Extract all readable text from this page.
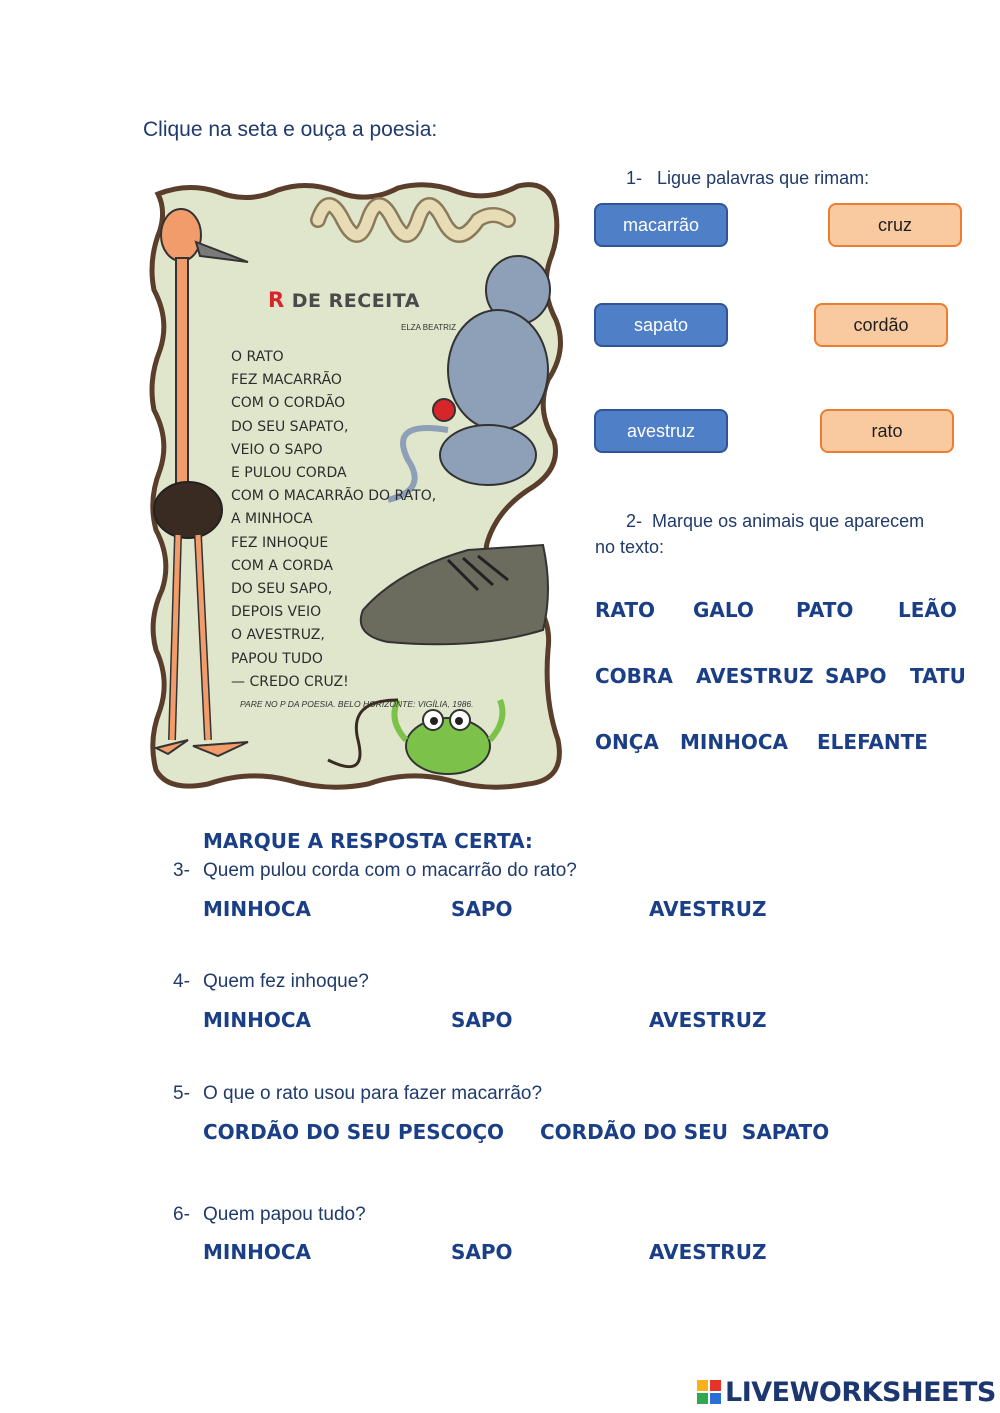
Clique na seta e ouça a poesia:
R DE RECEITA
ELZA BEATRIZ
O RATO
FEZ MACARRÃO
COM O CORDÃO
DO SEU SAPATO,
VEIO O SAPO
E PULOU CORDA
COM O MACARRÃO DO RATO,
A MINHOCA
FEZ INHOQUE
COM A CORDA
DO SEU SAPO,
DEPOIS VEIO
O AVESTRUZ,
PAPOU TUDO
— CREDO CRUZ!
PARE NO P DA POESIA. BELO HORIZONTE: VIGÍLIA, 1986.
1- Ligue palavras que rimam:
macarrão
sapato
avestruz
cruz
cordão
rato
2- Marque os animais que aparecem
no texto:
RATO GALO PATO LEÃO
COBRA AVESTRUZ SAPO TATU
ONÇA MINHOCA ELEFANTE
MARQUE A RESPOSTA CERTA:
3- Quem pulou corda com o macarrão do rato?
MINHOCA	SAPO	AVESTRUZ
4- Quem fez inhoque?
MINHOCA	SAPO	AVESTRUZ
5- O que o rato usou para fazer macarrão?
CORDÃO DO SEU PESCOÇO CORDÃO DO SEU  SAPATO
6- Quem papou tudo?
MINHOCA	SAPO	AVESTRUZ
LIVEWORKSHEETS
